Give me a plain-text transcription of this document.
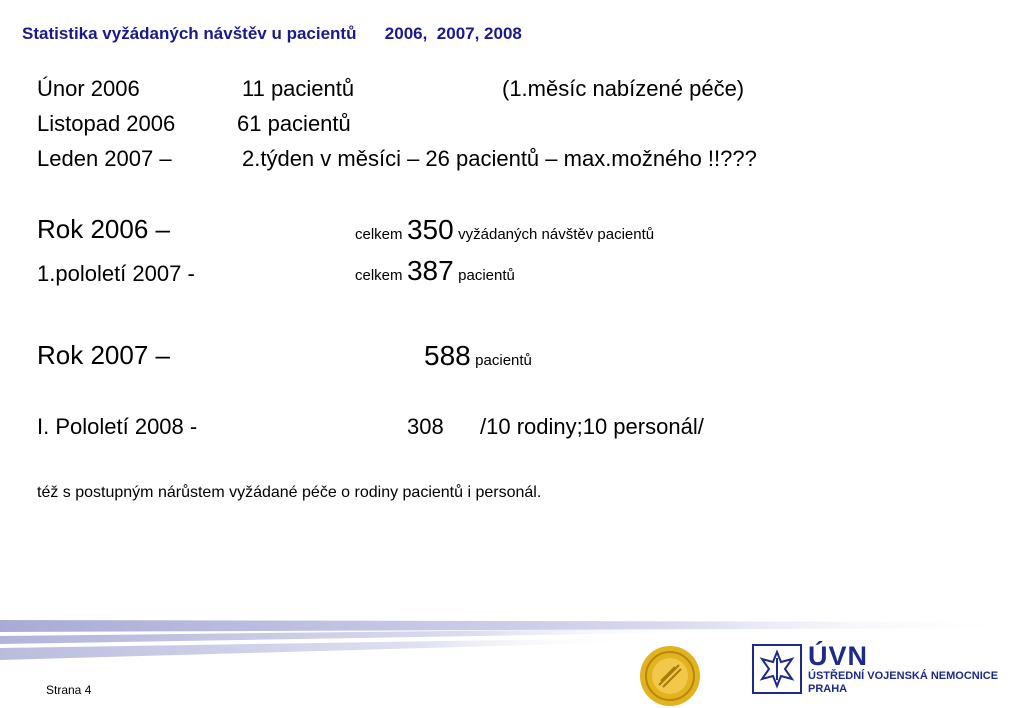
Statistika vyžádaných návštěv u pacientů      2006,  2007, 2008
Únor 2006	11 pacientů	(1.měsíc nabízené péče)
Listopad 2006	61 pacientů
Leden 2007 –	2.týden v měsíci – 26 pacientů – max.možného !!???
Rok 2006 –	celkem 350 vyžádaných návštěv pacientů
1.pololetí 2007 -	celkem 387 pacientů
Rok 2007 –	588 pacientů
I. Pololetí 2008 -	308 /10 rodiny;10 personál/
též s postupným nárůstem vyžádané péče o rodiny pacientů i personál.
Strana 4
ÚVN
ÚSTŘEDNÍ VOJENSKÁ NEMOCNICE
PRAHA
